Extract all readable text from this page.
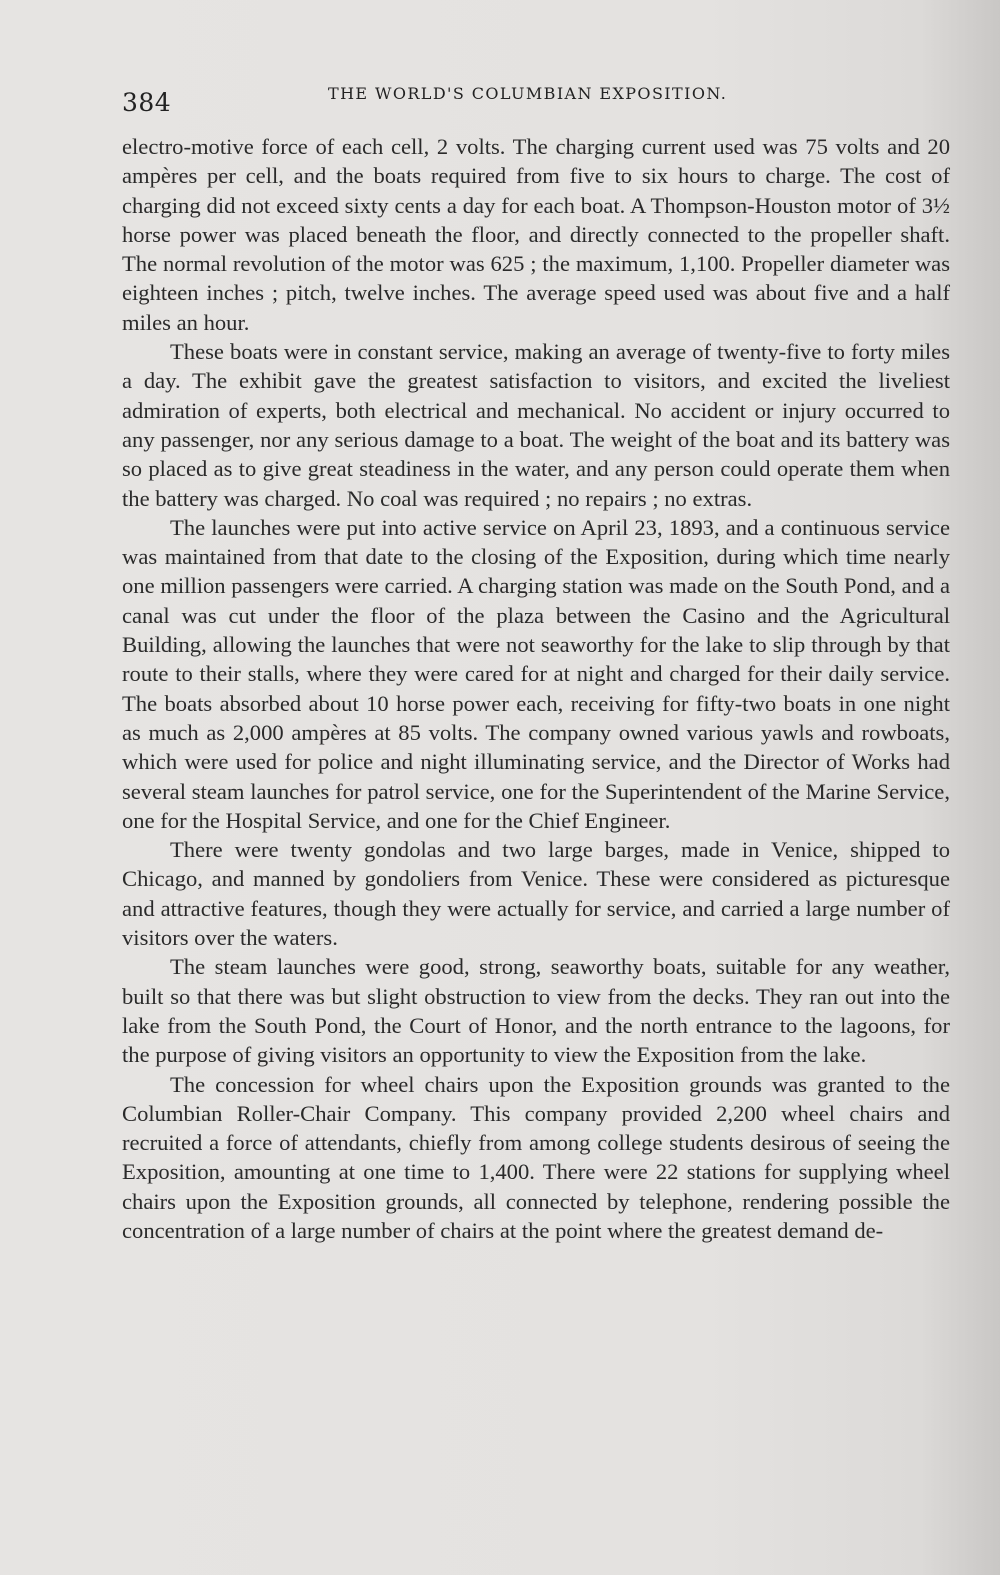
384	THE WORLD'S COLUMBIAN EXPOSITION.

electro-motive force of each cell, 2 volts. The charging current used was 75 volts and 20 ampères per cell, and the boats required from five to six hours to charge. The cost of charging did not exceed sixty cents a day for each boat. A Thompson-Houston motor of 3½ horse power was placed beneath the floor, and directly connected to the propeller shaft. The normal revolution of the motor was 625 ; the maximum, 1,100. Propeller diameter was eighteen inches ; pitch, twelve inches. The average speed used was about five and a half miles an hour.

These boats were in constant service, making an average of twenty-five to forty miles a day. The exhibit gave the greatest satisfaction to visitors, and excited the liveliest admiration of experts, both electrical and mechanical. No accident or injury occurred to any passenger, nor any serious damage to a boat. The weight of the boat and its battery was so placed as to give great steadiness in the water, and any person could operate them when the battery was charged. No coal was required ; no repairs ; no extras.

The launches were put into active service on April 23, 1893, and a continuous service was maintained from that date to the closing of the Exposition, during which time nearly one million passengers were carried. A charging station was made on the South Pond, and a canal was cut under the floor of the plaza between the Casino and the Agricultural Building, allowing the launches that were not seaworthy for the lake to slip through by that route to their stalls, where they were cared for at night and charged for their daily service. The boats absorbed about 10 horse power each, receiving for fifty-two boats in one night as much as 2,000 ampères at 85 volts. The company owned various yawls and rowboats, which were used for police and night illuminating service, and the Director of Works had several steam launches for patrol service, one for the Superintendent of the Marine Service, one for the Hospital Service, and one for the Chief Engineer.

There were twenty gondolas and two large barges, made in Venice, shipped to Chicago, and manned by gondoliers from Venice. These were considered as picturesque and attractive features, though they were actually for service, and carried a large number of visitors over the waters.

The steam launches were good, strong, seaworthy boats, suitable for any weather, built so that there was but slight obstruction to view from the decks. They ran out into the lake from the South Pond, the Court of Honor, and the north entrance to the lagoons, for the purpose of giving visitors an opportunity to view the Exposition from the lake.

The concession for wheel chairs upon the Exposition grounds was granted to the Columbian Roller-Chair Company. This company provided 2,200 wheel chairs and recruited a force of attendants, chiefly from among college students desirous of seeing the Exposition, amounting at one time to 1,400. There were 22 stations for supplying wheel chairs upon the Exposition grounds, all connected by telephone, rendering possible the concentration of a large number of chairs at the point where the greatest demand de-
